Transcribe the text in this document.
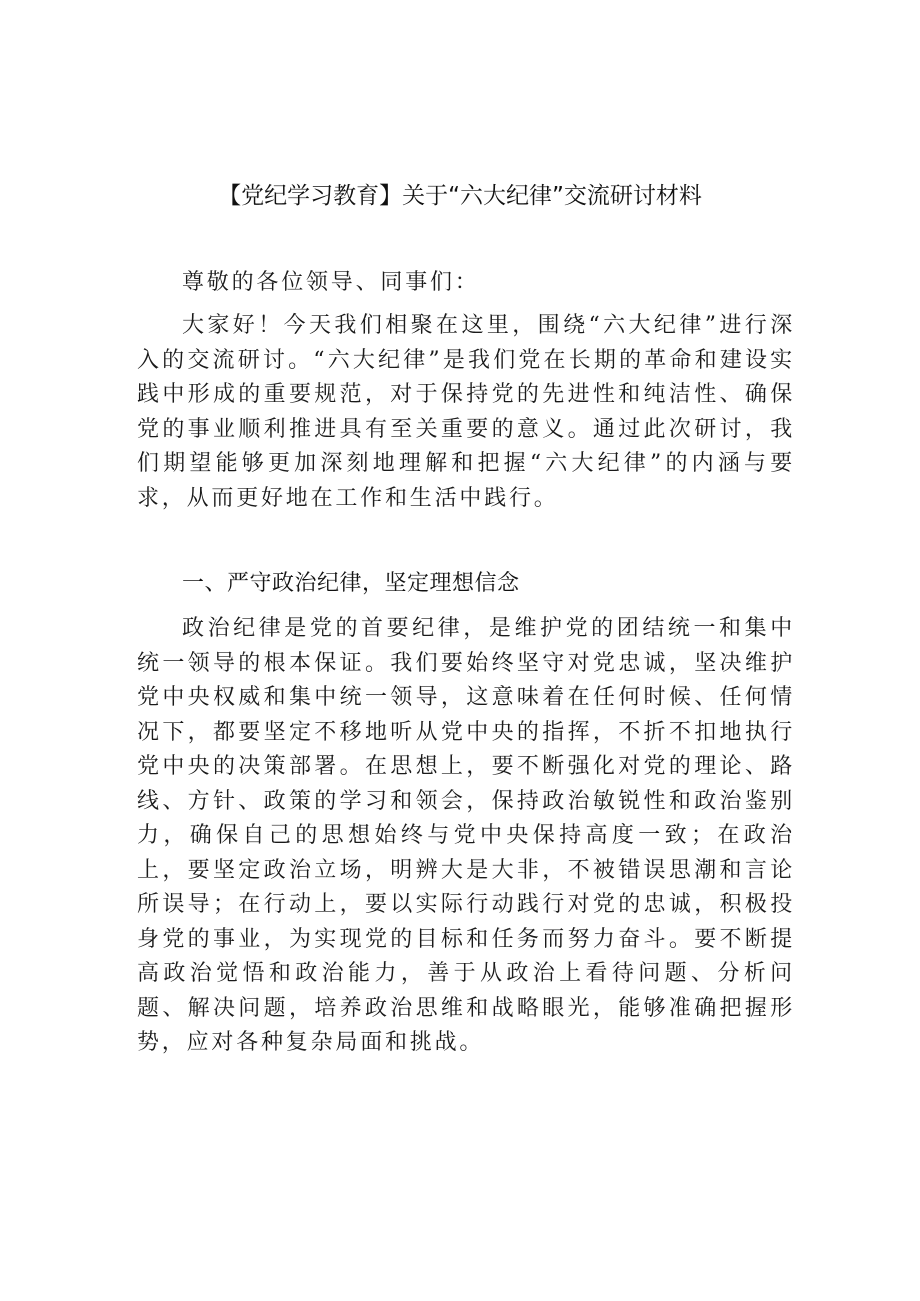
【党纪学习教育】关于“六大纪律”交流研讨材料

尊敬的各位领导、同事们：

大家好！今天我们相聚在这里，围绕“六大纪律”进行深入的交流研讨。“六大纪律”是我们党在长期的革命和建设实践中形成的重要规范，对于保持党的先进性和纯洁性、确保党的事业顺利推进具有至关重要的意义。通过此次研讨，我们期望能够更加深刻地理解和把握“六大纪律”的内涵与要求，从而更好地在工作和生活中践行。

一、严守政治纪律，坚定理想信念

政治纪律是党的首要纪律，是维护党的团结统一和集中统一领导的根本保证。我们要始终坚守对党忠诚，坚决维护党中央权威和集中统一领导，这意味着在任何时候、任何情况下，都要坚定不移地听从党中央的指挥，不折不扣地执行党中央的决策部署。在思想上，要不断强化对党的理论、路线、方针、政策的学习和领会，保持政治敏锐性和政治鉴别力，确保自己的思想始终与党中央保持高度一致；在政治上，要坚定政治立场，明辨大是大非，不被错误思潮和言论所误导；在行动上，要以实际行动践行对党的忠诚，积极投身党的事业，为实现党的目标和任务而努力奋斗。要不断提高政治觉悟和政治能力，善于从政治上看待问题、分析问题、解决问题，培养政治思维和战略眼光，能够准确把握形势，应对各种复杂局面和挑战。
